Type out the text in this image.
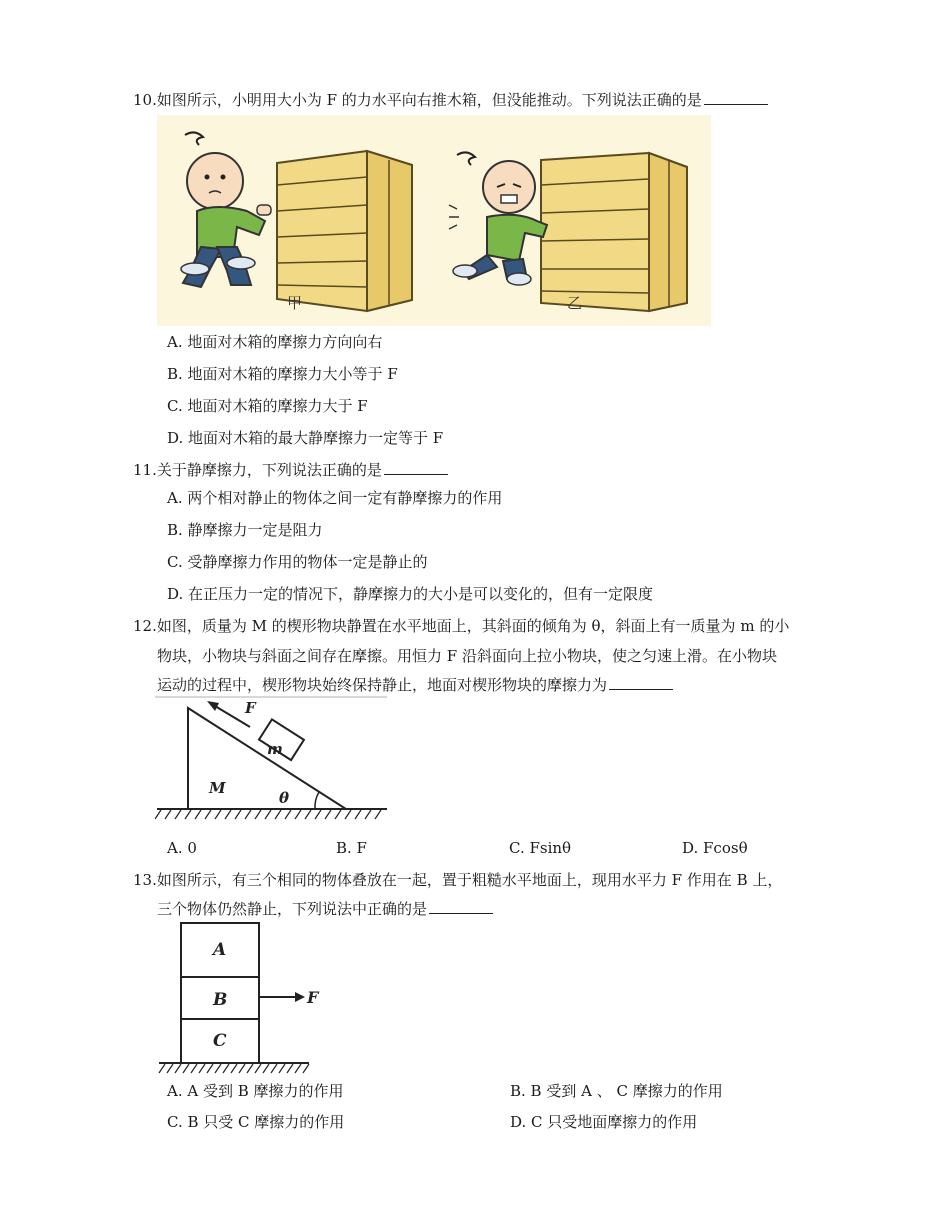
10.如图所示，小明用大小为 F 的力水平向右推木箱，但没能推动。下列说法正确的是
甲	乙
A. 地面对木箱的摩擦力方向向右
B. 地面对木箱的摩擦力大小等于 F
C. 地面对木箱的摩擦力大于 F
D. 地面对木箱的最大静摩擦力一定等于 F
11.关于静摩擦力，下列说法正确的是
A. 两个相对静止的物体之间一定有静摩擦力的作用
B. 静摩擦力一定是阻力
C. 受静摩擦力作用的物体一定是静止的
D. 在正压力一定的情况下，静摩擦力的大小是可以变化的，但有一定限度
12.如图，质量为 M 的楔形物块静置在水平地面上，其斜面的倾角为 θ，斜面上有一质量为 m 的小
物块，小物块与斜面之间存在摩擦。用恒力 F 沿斜面向上拉小物块，使之匀速上滑。在小物块
运动的过程中，楔形物块始终保持静止，地面对楔形物块的摩擦力为
m
F
M
θ
A. 0	B. F	C. Fsinθ	D. Fcosθ
13.如图所示，有三个相同的物体叠放在一起，置于粗糙水平地面上，现用水平力 F 作用在 B 上，
三个物体仍然静止，下列说法中正确的是
A
B
C
F
A. A 受到 B 摩擦力的作用	B. B 受到 A 、 C 摩擦力的作用
C. B 只受 C 摩擦力的作用	D. C 只受地面摩擦力的作用
